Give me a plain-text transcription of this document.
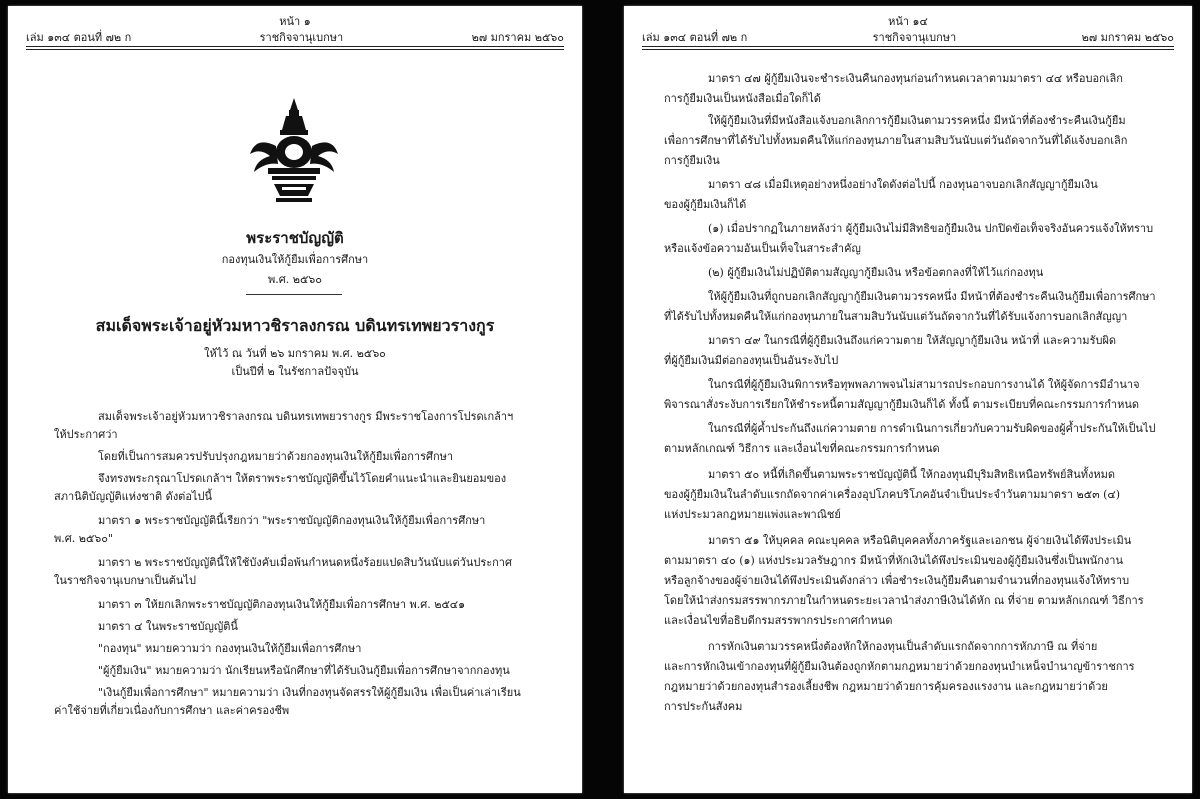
หน้า ๑
เล่ม ๑๓๔ ตอนที่ ๗๒ ก	ราชกิจจานุเบกษา	๒๗ มกราคม ๒๕๖๐
พระราชบัญญัติ
กองทุนเงินให้กู้ยืมเพื่อการศึกษา
พ.ศ. ๒๕๖๐
สมเด็จพระเจ้าอยู่หัวมหาวชิราลงกรณ บดินทรเทพยวรางกูร
ให้ไว้ ณ วันที่ ๒๖ มกราคม พ.ศ. ๒๕๖๐
เป็นปีที่ ๒ ในรัชกาลปัจจุบัน
สมเด็จพระเจ้าอยู่หัวมหาวชิราลงกรณ บดินทรเทพยวรางกูร มีพระราชโองการโปรดเกล้าฯ
ให้ประกาศว่า
โดยที่เป็นการสมควรปรับปรุงกฎหมายว่าด้วยกองทุนเงินให้กู้ยืมเพื่อการศึกษา
จึงทรงพระกรุณาโปรดเกล้าฯ ให้ตราพระราชบัญญัติขึ้นไว้โดยคำแนะนำและยินยอมของ
สภานิติบัญญัติแห่งชาติ ดังต่อไปนี้
มาตรา ๑ พระราชบัญญัตินี้เรียกว่า "พระราชบัญญัติกองทุนเงินให้กู้ยืมเพื่อการศึกษา
พ.ศ. ๒๕๖๐"
มาตรา ๒ พระราชบัญญัตินี้ให้ใช้บังคับเมื่อพ้นกำหนดหนึ่งร้อยแปดสิบวันนับแต่วันประกาศ
ในราชกิจจานุเบกษาเป็นต้นไป
มาตรา ๓ ให้ยกเลิกพระราชบัญญัติกองทุนเงินให้กู้ยืมเพื่อการศึกษา พ.ศ. ๒๕๔๑
มาตรา ๔ ในพระราชบัญญัตินี้
"กองทุน" หมายความว่า กองทุนเงินให้กู้ยืมเพื่อการศึกษา
"ผู้กู้ยืมเงิน" หมายความว่า นักเรียนหรือนักศึกษาที่ได้รับเงินกู้ยืมเพื่อการศึกษาจากกองทุน
"เงินกู้ยืมเพื่อการศึกษา" หมายความว่า เงินที่กองทุนจัดสรรให้ผู้กู้ยืมเงิน เพื่อเป็นค่าเล่าเรียน
ค่าใช้จ่ายที่เกี่ยวเนื่องกับการศึกษา และค่าครองชีพ
หน้า ๑๔
เล่ม ๑๓๔ ตอนที่ ๗๒ ก	ราชกิจจานุเบกษา	๒๗ มกราคม ๒๕๖๐
มาตรา ๔๗ ผู้กู้ยืมเงินจะชำระเงินคืนกองทุนก่อนกำหนดเวลาตามมาตรา ๔๔ หรือบอกเลิก
การกู้ยืมเงินเป็นหนังสือเมื่อใดก็ได้
ให้ผู้กู้ยืมเงินที่มีหนังสือแจ้งบอกเลิกการกู้ยืมเงินตามวรรคหนึ่ง มีหน้าที่ต้องชำระคืนเงินกู้ยืม
เพื่อการศึกษาที่ได้รับไปทั้งหมดคืนให้แก่กองทุนภายในสามสิบวันนับแต่วันถัดจากวันที่ได้แจ้งบอกเลิก
การกู้ยืมเงิน
มาตรา ๔๘ เมื่อมีเหตุอย่างหนึ่งอย่างใดดังต่อไปนี้ กองทุนอาจบอกเลิกสัญญากู้ยืมเงิน
ของผู้กู้ยืมเงินก็ได้
(๑) เมื่อปรากฏในภายหลังว่า ผู้กู้ยืมเงินไม่มีสิทธิขอกู้ยืมเงิน ปกปิดข้อเท็จจริงอันควรแจ้งให้ทราบ
หรือแจ้งข้อความอันเป็นเท็จในสาระสำคัญ
(๒) ผู้กู้ยืมเงินไม่ปฏิบัติตามสัญญากู้ยืมเงิน หรือข้อตกลงที่ให้ไว้แก่กองทุน
ให้ผู้กู้ยืมเงินที่ถูกบอกเลิกสัญญากู้ยืมเงินตามวรรคหนึ่ง มีหน้าที่ต้องชำระคืนเงินกู้ยืมเพื่อการศึกษา
ที่ได้รับไปทั้งหมดคืนให้แก่กองทุนภายในสามสิบวันนับแต่วันถัดจากวันที่ได้รับแจ้งการบอกเลิกสัญญา
มาตรา ๔๙ ในกรณีที่ผู้กู้ยืมเงินถึงแก่ความตาย ให้สัญญากู้ยืมเงิน หน้าที่ และความรับผิด
ที่ผู้กู้ยืมเงินมีต่อกองทุนเป็นอันระงับไป
ในกรณีที่ผู้กู้ยืมเงินพิการหรือทุพพลภาพจนไม่สามารถประกอบการงานได้ ให้ผู้จัดการมีอำนาจ
พิจารณาสั่งระงับการเรียกให้ชำระหนี้ตามสัญญากู้ยืมเงินก็ได้ ทั้งนี้ ตามระเบียบที่คณะกรรมการกำหนด
ในกรณีที่ผู้ค้ำประกันถึงแก่ความตาย การดำเนินการเกี่ยวกับความรับผิดของผู้ค้ำประกันให้เป็นไป
ตามหลักเกณฑ์ วิธีการ และเงื่อนไขที่คณะกรรมการกำหนด
มาตรา ๕๐ หนี้ที่เกิดขึ้นตามพระราชบัญญัตินี้ ให้กองทุนมีบุริมสิทธิเหนือทรัพย์สินทั้งหมด
ของผู้กู้ยืมเงินในลำดับแรกถัดจากค่าเครื่องอุปโภคบริโภคอันจำเป็นประจำวันตามมาตรา ๒๕๓ (๔)
แห่งประมวลกฎหมายแพ่งและพาณิชย์
มาตรา ๕๑ ให้บุคคล คณะบุคคล หรือนิติบุคคลทั้งภาครัฐและเอกชน ผู้จ่ายเงินได้พึงประเมิน
ตามมาตรา ๔๐ (๑) แห่งประมวลรัษฎากร มีหน้าที่หักเงินได้พึงประเมินของผู้กู้ยืมเงินซึ่งเป็นพนักงาน
หรือลูกจ้างของผู้จ่ายเงินได้พึงประเมินดังกล่าว เพื่อชำระเงินกู้ยืมคืนตามจำนวนที่กองทุนแจ้งให้ทราบ
โดยให้นำส่งกรมสรรพากรภายในกำหนดระยะเวลานำส่งภาษีเงินได้หัก ณ ที่จ่าย ตามหลักเกณฑ์ วิธีการ
และเงื่อนไขที่อธิบดีกรมสรรพากรประกาศกำหนด
การหักเงินตามวรรคหนึ่งต้องหักให้กองทุนเป็นลำดับแรกถัดจากการหักภาษี ณ ที่จ่าย
และการหักเงินเข้ากองทุนที่ผู้กู้ยืมเงินต้องถูกหักตามกฎหมายว่าด้วยกองทุนบำเหน็จบำนาญข้าราชการ
กฎหมายว่าด้วยกองทุนสำรองเลี้ยงชีพ กฎหมายว่าด้วยการคุ้มครองแรงงาน และกฎหมายว่าด้วย
การประกันสังคม
